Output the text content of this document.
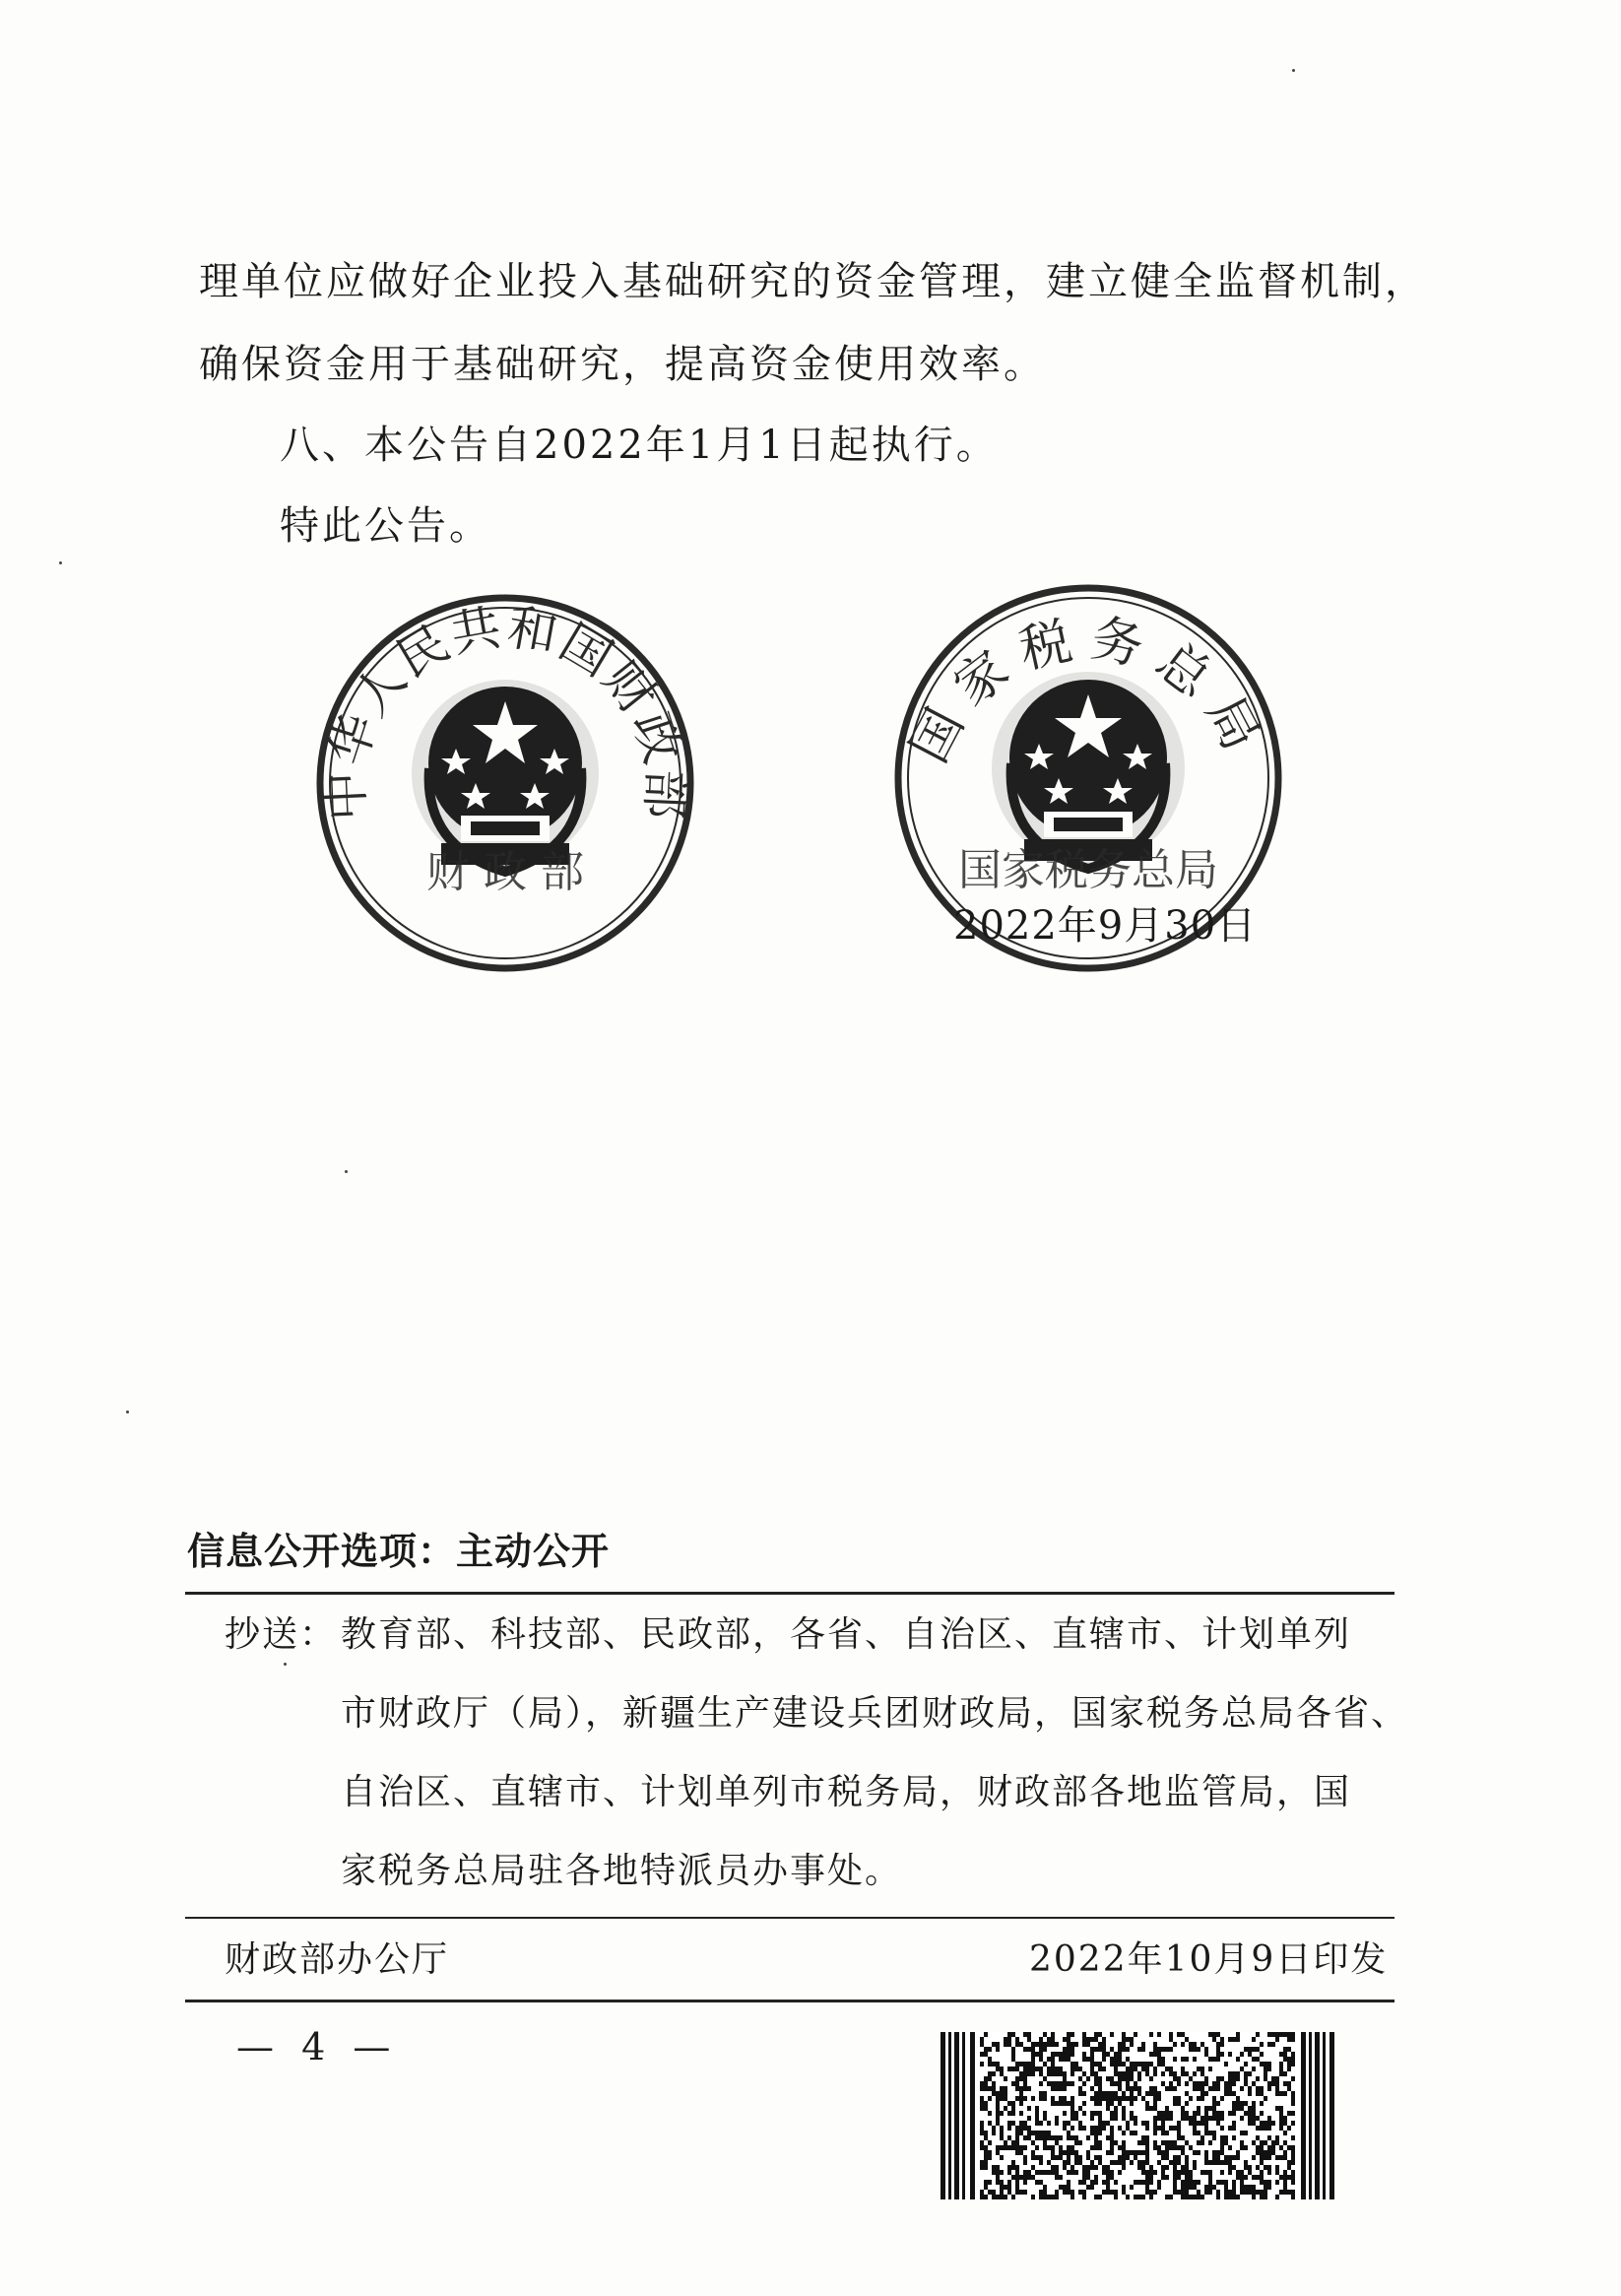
理单位应做好企业投入基础研究的资金管理，建立健全监督机制，
确保资金用于基础研究，提高资金使用效率。
八、本公告自2022年1月1日起执行。
特此公告。
中华人民共和国财政部
财 政 部
国家税务总局
国家税务总局
2022年9月30日
信息公开选项：主动公开
抄送： 教育部、科技部、民政部，各省、自治区、直辖市、计划单列
市财政厅（局），新疆生产建设兵团财政局，国家税务总局各省、
自治区、直辖市、计划单列市税务局，财政部各地监管局，国
家税务总局驻各地特派员办事处。
财政部办公厅	2022年10月9日印发
— 4 —
